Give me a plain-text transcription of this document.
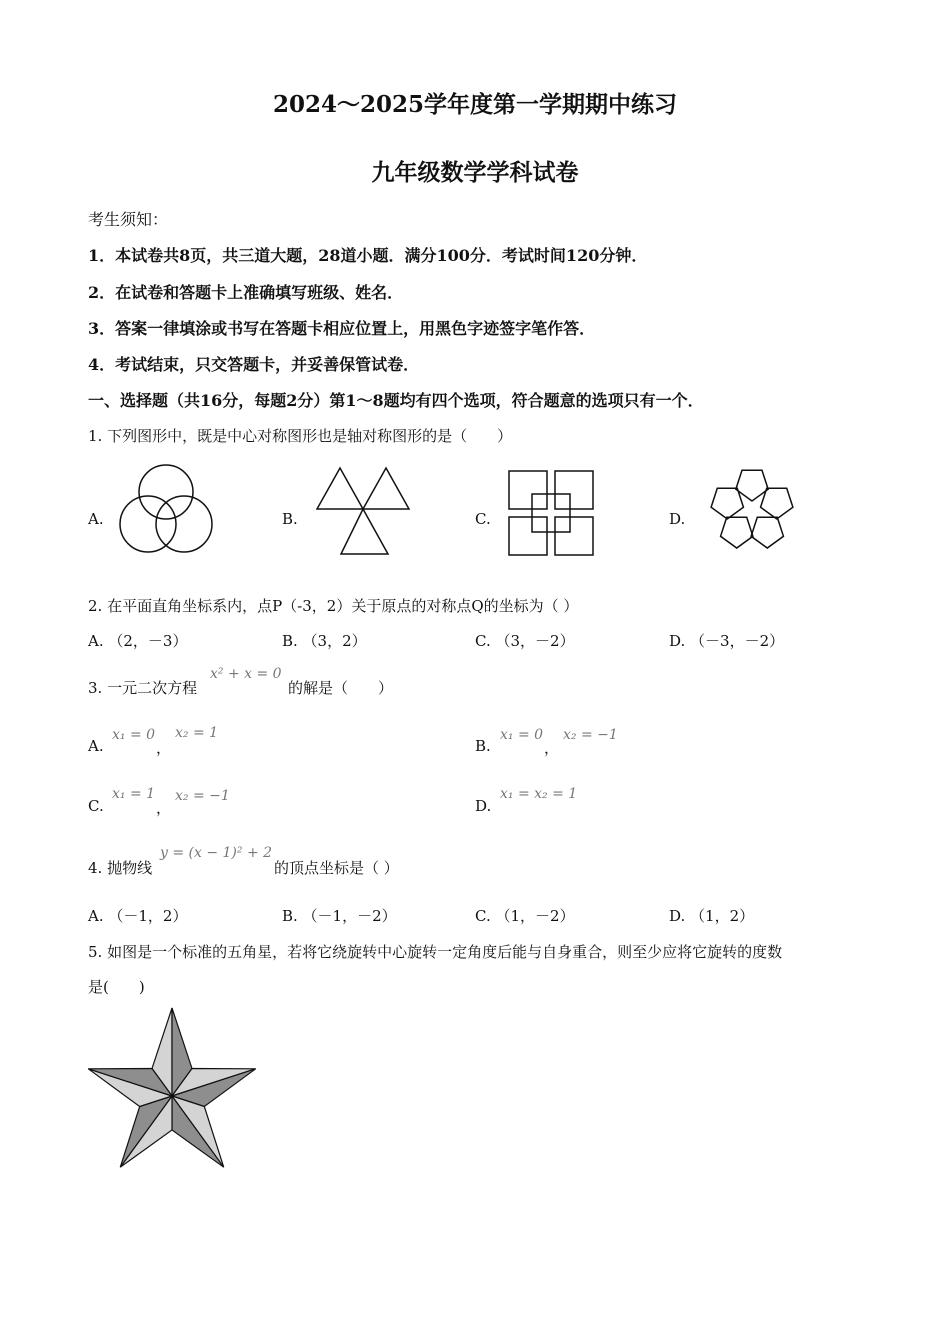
2024～2025学年度第一学期期中练习
九年级数学学科试卷
考生须知：
1．本试卷共8页，共三道大题，28道小题．满分100分．考试时间120分钟．
2．在试卷和答题卡上准确填写班级、姓名．
3．答案一律填涂或书写在答题卡相应位置上，用黑色字迹签字笔作答．
4．考试结束，只交答题卡，并妥善保管试卷．
一、选择题（共16分，每题2分）第1～8题均有四个选项，符合题意的选项只有一个．
1. 下列图形中，既是中心对称图形也是轴对称图形的是（　　）
A.	B.	C.	D.
2. 在平面直角坐标系内，点P（-3，2）关于原点的对称点Q的坐标为（ ）
A. （2，－3）	B. （3，2）	C. （3，－2）	D. （－3，－2）
3. 一元二次方程
x² + x = 0
的解是（　　）
A.
x₁ = 0
，
x₂ = 1
B.
x₁ = 0
，
x₂ = −1
C.
x₁ = 1
，
x₂ = −1
D.
x₁ = x₂ = 1
4. 抛物线
y = (x − 1)² + 2
的顶点坐标是（ ）
A. （－1，2）	B. （－1，－2）	C. （1，－2）	D. （1，2）
5. 如图是一个标准的五角星，若将它绕旋转中心旋转一定角度后能与自身重合，则至少应将它旋转的度数
是(　　)
